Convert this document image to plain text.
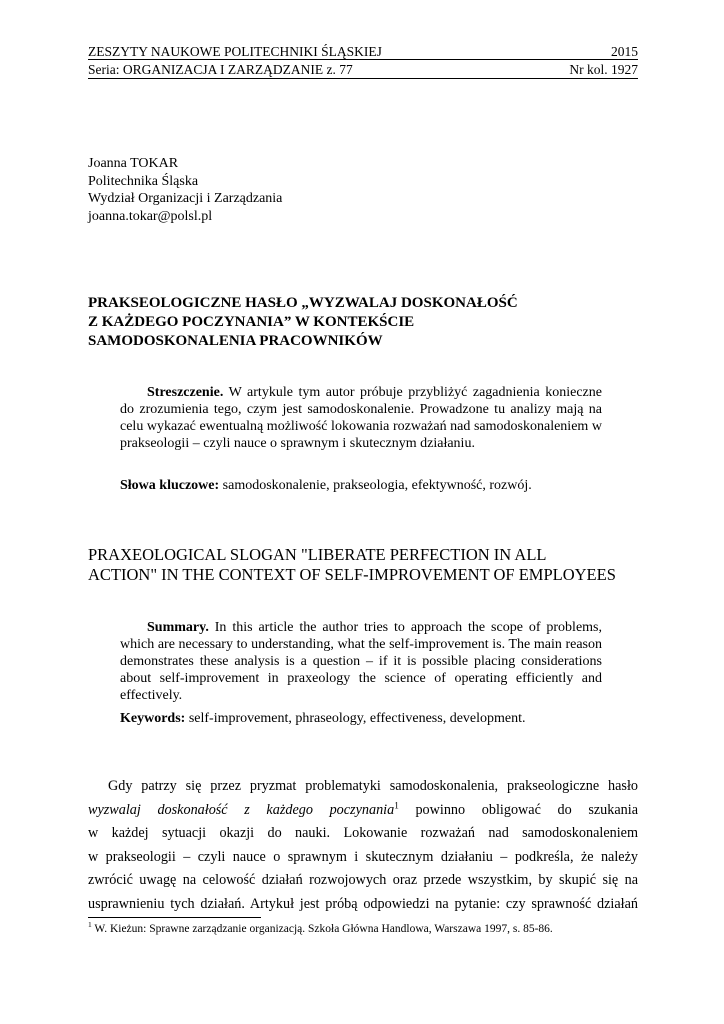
ZESZYTY NAUKOWE POLITECHNIKI ŚLĄSKIEJ	2015
Seria: ORGANIZACJA I ZARZĄDZANIE z. 77	Nr kol. 1927
Joanna TOKAR
Politechnika Śląska
Wydział Organizacji i Zarządzania
joanna.tokar@polsl.pl
PRAKSEOLOGICZNE HASŁO „WYZWALAJ DOSKONAŁOŚĆ
Z KAŻDEGO POCZYNANIA” W KONTEKŚCIE
SAMODOSKONALENIA PRACOWNIKÓW

Streszczenie. W artykule tym autor próbuje przybliżyć zagadnienia konieczne do zrozumienia tego, czym jest samodoskonalenie. Prowadzone tu analizy mają na celu wykazać ewentualną możliwość lokowania rozważań nad samodoskonaleniem w prakseologii – czyli nauce o sprawnym i skutecznym działaniu.

Słowa kluczowe: samodoskonalenie, prakseologia, efektywność, rozwój.
PRAXEOLOGICAL SLOGAN "LIBERATE PERFECTION IN ALL
ACTION" IN THE CONTEXT OF SELF-IMPROVEMENT OF EMPLOYEES

Summary. In this article the author tries to approach the scope of problems, which are necessary to understanding, what the self-improvement is. The main reason demonstrates these analysis is a question – if it is possible placing considerations about self-improvement in praxeology the science of operating efficiently and effectively.

Keywords: self-improvement, phraseology, effectiveness, development.
Gdy patrzy się przez pryzmat problematyki samodoskonalenia, prakseologiczne hasło
wyzwalaj doskonałość z każdego poczynania$^1$ powinno obligować do szukania
w każdej sytuacji okazji do nauki. Lokowanie rozważań nad samodoskonaleniem
w prakseologii – czyli nauce o sprawnym i skutecznym działaniu – podkreśla, że należy
zwrócić uwagę na celowość działań rozwojowych oraz przede wszystkim, by skupić się na
usprawnieniu tych działań. Artykuł jest próbą odpowiedzi na pytanie: czy sprawność działań
$^1$ W. Kieżun: Sprawne zarządzanie organizacją. Szkoła Główna Handlowa, Warszawa 1997, s. 85-86.
